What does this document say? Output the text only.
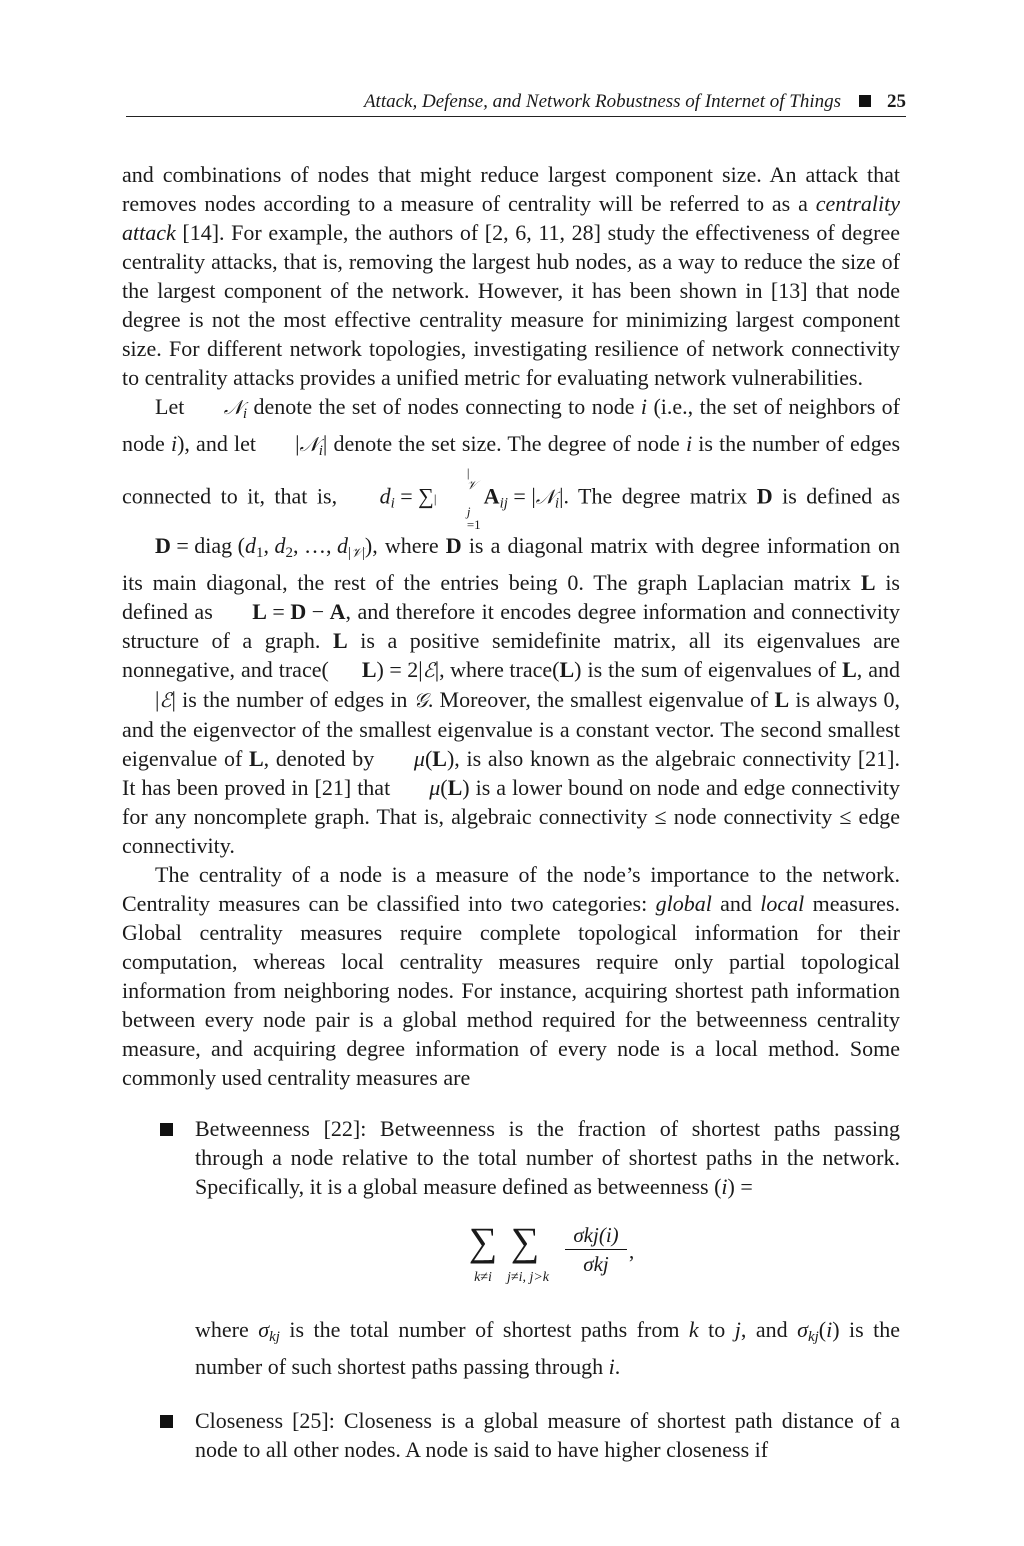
Attack, Defense, and Network Robustness of Internet of Things 25

and combinations of nodes that might reduce largest component size. An attack that removes nodes according to a measure of centrality will be referred to as a centrality attack [14]. For example, the authors of [2, 6, 11, 28] study the effectiveness of degree centrality attacks, that is, removing the largest hub nodes, as a way to reduce the size of the largest component of the network. However, it has been shown in [13] that node degree is not the most effective centrality measure for minimizing largest component size. For different network topologies, investigating resilience of network connectivity to centrality attacks provides a unified metric for evaluating network vulnerabilities.

Let 𝒩$_i$ denote the set of nodes connecting to node i (i.e., the set of neighbors of node i), and let |𝒩$_i$| denote the set size. The degree of node i is the number of edges connected to it, that is, $d_i$ = ∑
|
𝒱
|
j
=1
$A_{ij}$ = |𝒩$_i$|. The degree matrix D is defined as D = diag ($d_1$, $d_2$, …, $d_{|𝒱|}$), where D is a diagonal matrix with degree information on its main diagonal, the rest of the entries being 0. The graph Laplacian matrix L is defined as L = D − A, and therefore it encodes degree information and connectivity structure of a graph. L is a positive semidefinite matrix, all its eigenvalues are nonnegative, and trace( L) = 2|ℰ|, where trace(L) is the sum of eigenvalues of L, and |ℰ| is the number of edges in 𝒢. Moreover, the smallest eigenvalue of L is always 0, and the eigenvector of the smallest eigenvalue is a constant vector. The second smallest eigenvalue of L, denoted by μ(L), is also known as the algebraic connectivity [21]. It has been proved in [21] that μ(L) is a lower bound on node and edge connectivity for any noncomplete graph. That is, algebraic connectivity ≤ node connectivity ≤ edge connectivity.

The centrality of a node is a measure of the node’s importance to the network. Centrality measures can be classified into two categories: global and local measures. Global centrality measures require complete topological information for their computation, whereas local centrality measures require only partial topological information from neighboring nodes. For instance, acquiring shortest path information between every node pair is a global method required for the betweenness centrality measure, and acquiring degree information of every node is a local method. Some commonly used centrality measures are

Betweenness [22]: Betweenness is the fraction of shortest paths passing through a node relative to the total number of shortest paths in the network. Specifically, it is a global measure defined as betweenness (i) =
∑
k≠i
∑
j≠i, j>k
σkj(i)
σkj
,
where $\sigma_{kj}$ is the total number of shortest paths from k to j, and $\sigma_{kj}(i)$ is the number of such shortest paths passing through i.
Closeness [25]: Closeness is a global measure of shortest path distance of a node to all other nodes. A node is said to have higher closeness if
